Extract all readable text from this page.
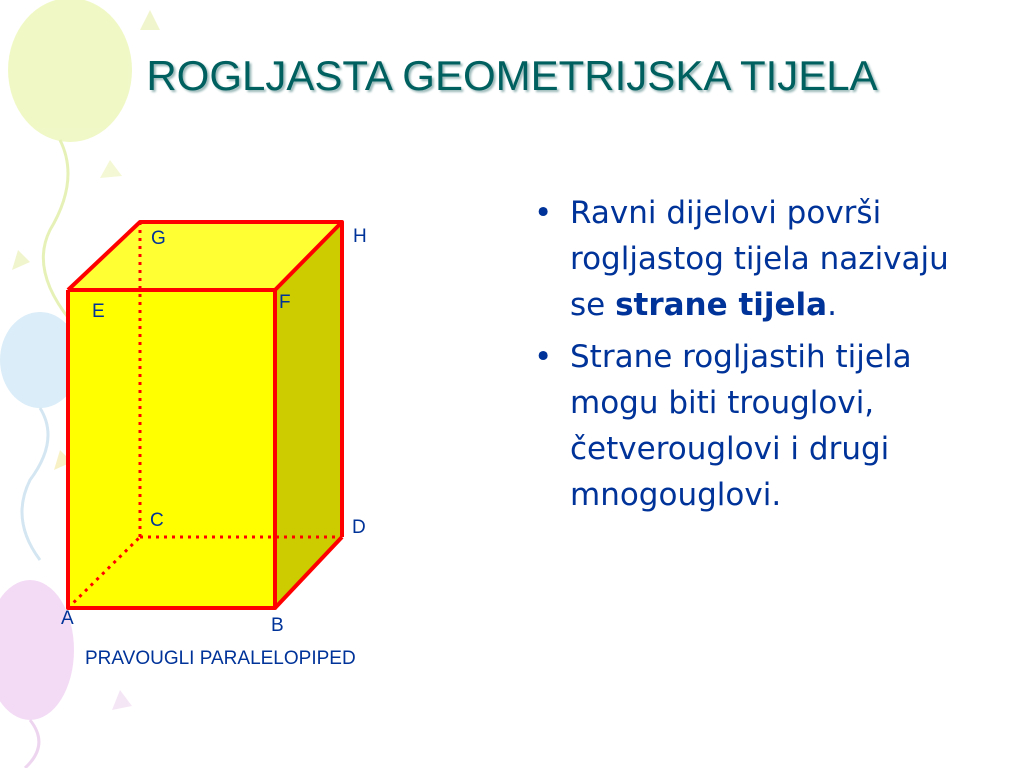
ROGLJASTA GEOMETRIJSKA TIJELA
G	H
E	F
C	D
A	B
PRAVOUGLI PARALELOPIPED
• Ravni dijelovi površi rogljastog tijela nazivaju se strane tijela.
• Strane rogljastih tijela mogu biti trouglovi, četverouglovi i drugi mnogouglovi.
